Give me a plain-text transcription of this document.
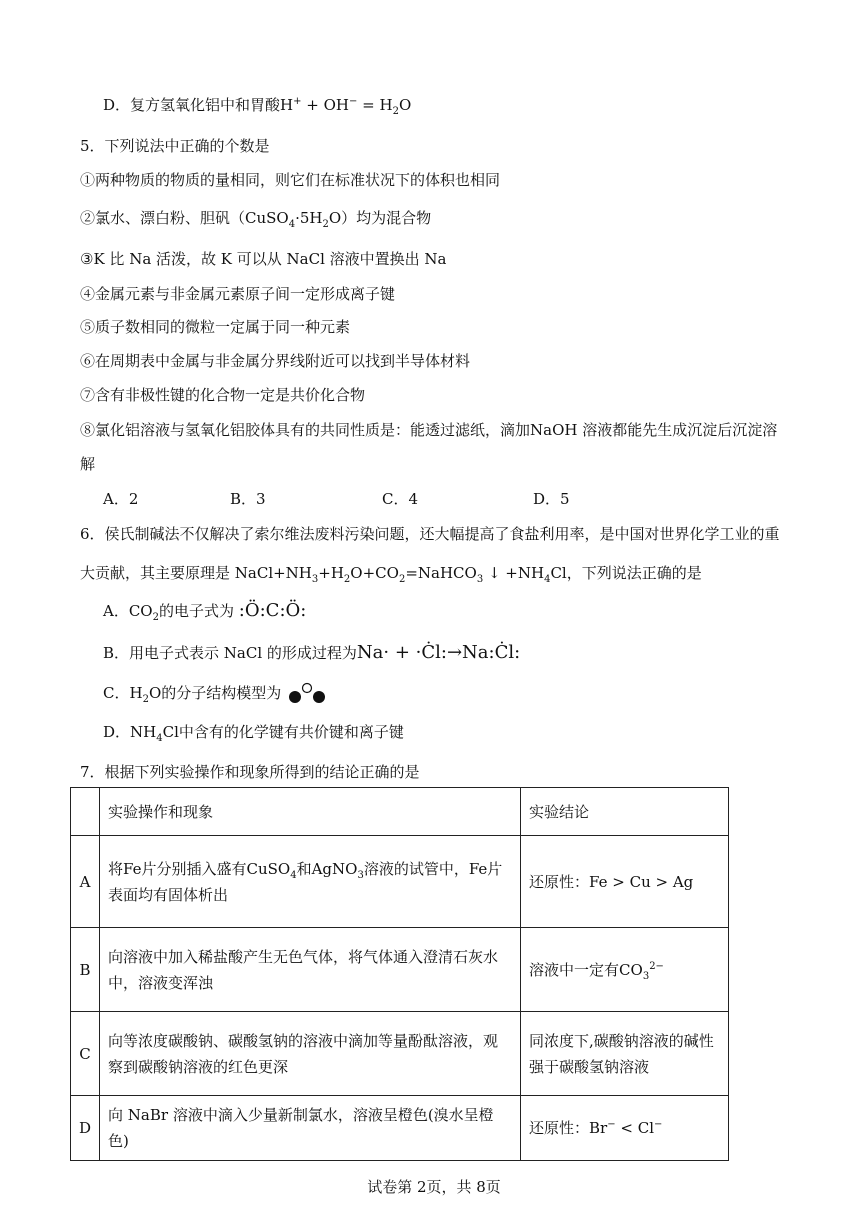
D．复方氢氧化铝中和胃酸$H^+ + OH^- = H_2O$
5．下列说法中正确的个数是
①两种物质的物质的量相同，则它们在标准状况下的体积也相同
②氯水、漂白粉、胆矾$(CuSO_4\cdot 5H_2O)$均为混合物
③K 比 Na 活泼，故 K 可以从 NaCl 溶液中置换出 Na
④金属元素与非金属元素原子间一定形成离子键
⑤质子数相同的微粒一定属于同一种元素
⑥在周期表中金属与非金属分界线附近可以找到半导体材料
⑦含有非极性键的化合物一定是共价化合物
⑧氯化铝溶液与氢氧化铝胶体具有的共同性质是：能透过滤纸，滴加NaOH 溶液都能先生成沉淀后沉淀溶
解
A．2	B．3	C．4	D．5
6．侯氏制碱法不仅解决了索尔维法废料污染问题，还大幅提高了食盐利用率，是中国对世界化学工业的重
大贡献，其主要原理是 $NaCl+NH_3+H_2O+CO_2=NaHCO_3$ ↓ $+NH_4Cl$，下列说法正确的是
A．$CO_2$的电子式为 :Ö:C:Ö:
B．用电子式表示 NaCl 的形成过程为Na· + ·Ċl:→Na:Ċl:
C．$H_2O$的分子结构模型为
D．$NH_4Cl$中含有的化学键有共价键和离子键
7．根据下列实验操作和现象所得到的结论正确的是
	实验操作和现象	实验结论
A	将Fe片分别插入盛有CuSO$_4$和AgNO$_3$溶液的试管中，Fe片表面均有固体析出	还原性：Fe > Cu > Ag
B	向溶液中加入稀盐酸产生无色气体，将气体通入澄清石灰水中，溶液变浑浊	溶液中一定有$CO_3^{2-}$
C	向等浓度碳酸钠、碳酸氢钠的溶液中滴加等量酚酞溶液，观察到碳酸钠溶液的红色更深	同浓度下,碳酸钠溶液的碱性强于碳酸氢钠溶液
D	向 NaBr 溶液中滴入少量新制氯水，溶液呈橙色(溴水呈橙色)	还原性：Br− < Cl−
试卷第 2页，共 8页
